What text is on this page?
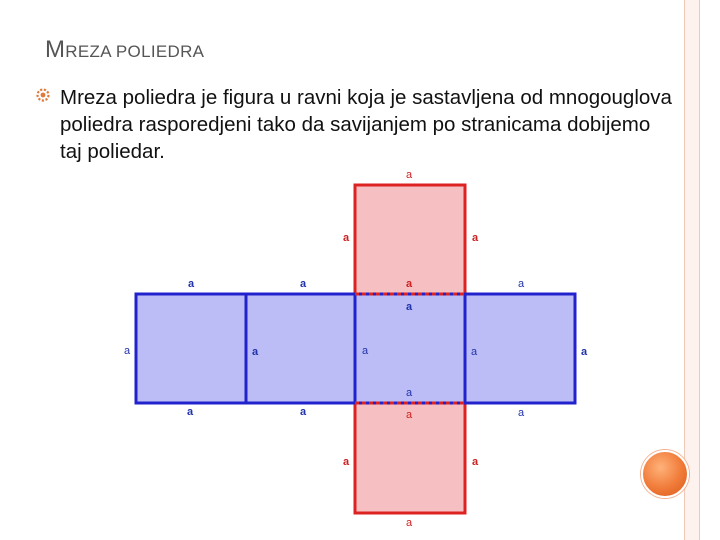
MREZA POLIEDRA
Mreza poliedra je figura u ravni koja je sastavljena od mnogouglova poliedra rasporedjeni tako da savijanjem po stranicama dobijemo taj poliedar.
a
a	a
a	a	a	a
a
a	a	a	a	a
a
a	a	a	a
a	a
a
